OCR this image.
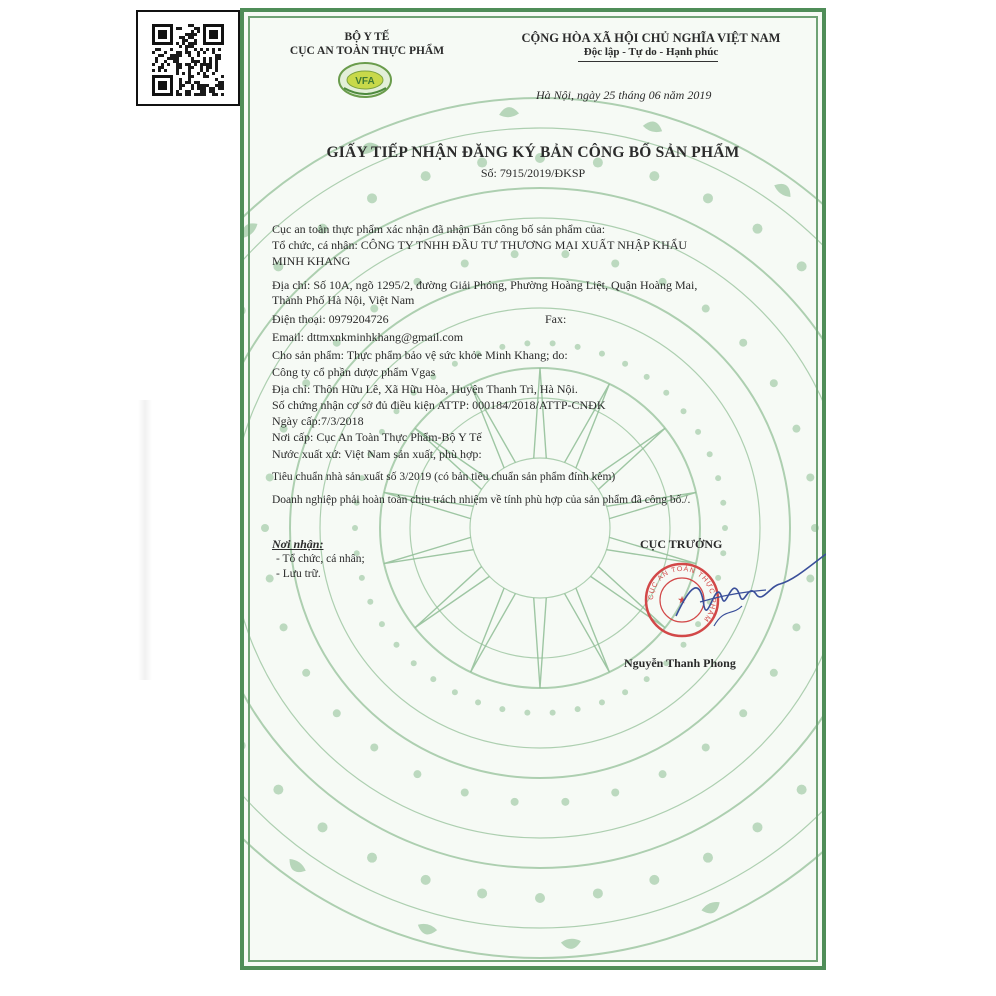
BỘ Y TẾ
CỤC AN TOÀN THỰC PHẨM
VFA
CỘNG HÒA XÃ HỘI CHỦ NGHĨA VIỆT NAM
Độc lập - Tự do - Hạnh phúc
Hà Nội, ngày 25 tháng 06 năm 2019
GIẤY TIẾP NHẬN ĐĂNG KÝ BẢN CÔNG BỐ SẢN PHẨM
Số: 7915/2019/ĐKSP
Cục an toàn thực phẩm xác nhận đã nhận Bản công bố sản phẩm của:
Tổ chức, cá nhân: CÔNG TY TNHH ĐẦU TƯ THƯƠNG MẠI XUẤT NHẬP KHẨU
MINH KHANG
Địa chỉ: Số 10A, ngõ 1295/2, đường Giải Phóng, Phường Hoàng Liệt, Quận Hoàng Mai,
Thành Phố Hà Nội, Việt Nam
Điện thoại: 0979204726	Fax:
Email: dttmxnkminhkhang@gmail.com
Cho sản phẩm: Thực phẩm bảo vệ sức khỏe Minh Khang; do:
Công ty cổ phần dược phẩm Vgas
Địa chỉ: Thôn Hữu Lê, Xã Hữu Hòa, Huyện Thanh Trì, Hà Nội.
Số chứng nhận cơ sở đủ điều kiện ATTP: 000184/2018/ATTP-CNĐK
Ngày cấp:7/3/2018
Nơi cấp: Cục An Toàn Thực Phẩm-Bộ Y Tế
Nước xuất xứ: Việt Nam sản xuất, phù hợp:
Tiêu chuẩn nhà sản xuất số 3/2019 (có bản tiêu chuẩn sản phẩm đính kèm)
Doanh nghiệp phải hoàn toàn chịu trách nhiệm về tính phù hợp của sản phẩm đã công bố./.
Nơi nhận:
- Tổ chức, cá nhân;
- Lưu trữ.
CỤC TRƯỞNG
CỤC AN TOÀN THỰC PHẨM
★
Nguyễn Thanh Phong
